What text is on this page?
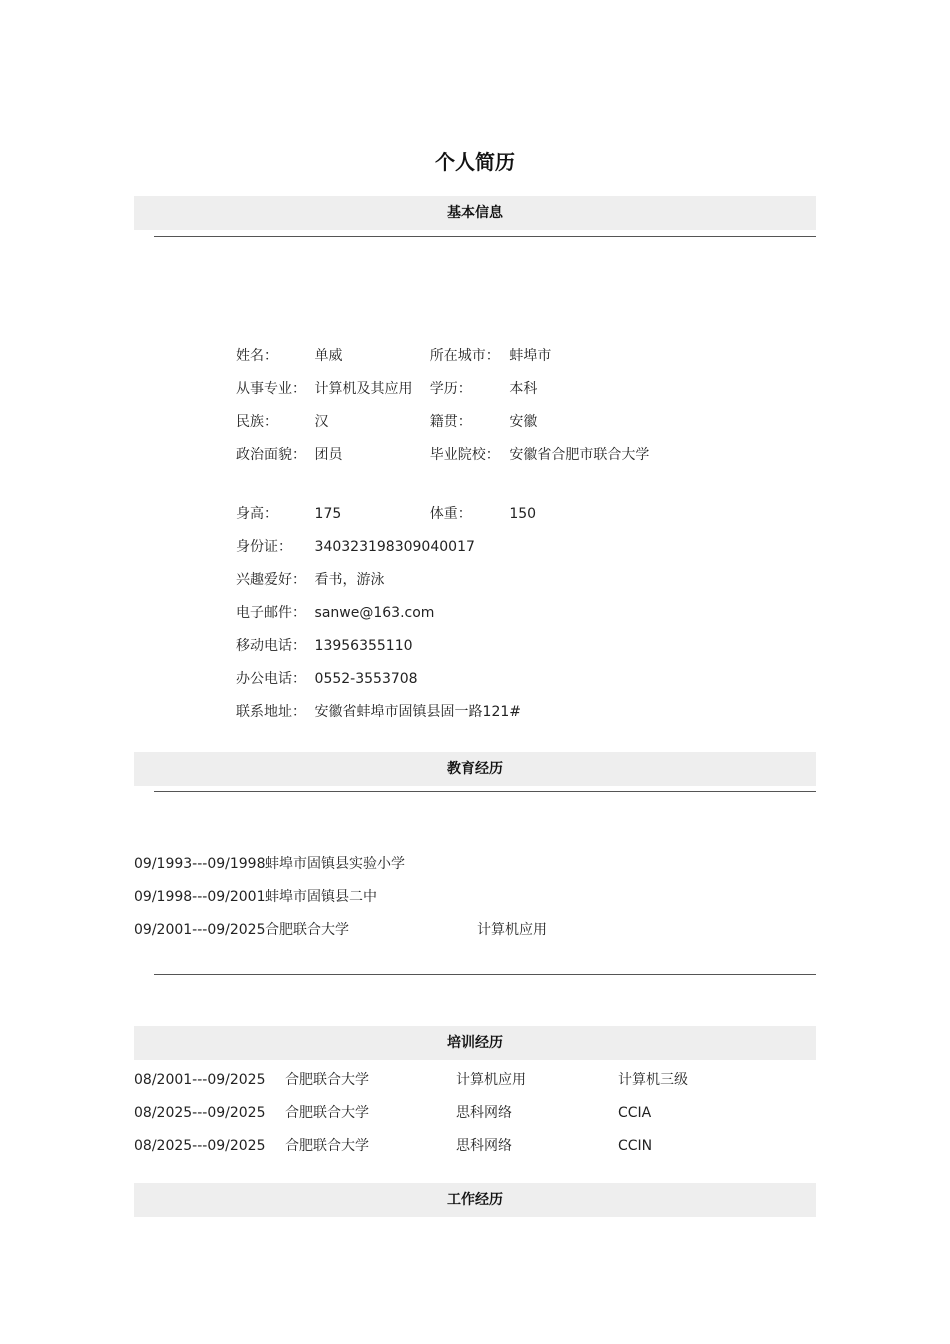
个人简历
基本信息
姓名：	单威	所在城市：	蚌埠市
从事专业：	计算机及其应用	学历：	本科
民族：	汉	籍贯：	安徽
政治面貌：	团员	毕业院校：	安徽省合肥市联合大学
身高：	175	体重：	150
身份证：	340323198309040017		
兴趣爱好：	看书，游泳		
电子邮件：	sanwe@163.com		
移动电话：	13956355110		
办公电话：	0552-3553708		
联系地址：	安徽省蚌埠市固镇县固一路121#		
教育经历
09/1993---09/1998蚌埠市固镇县实验小学
09/1998---09/2001蚌埠市固镇县二中
09/2001---09/2025合肥联合大学	计算机应用
培训经历
08/2001---09/2025 合肥联合大学	计算机应用	计算机三级
08/2025---09/2025 合肥联合大学	思科网络	CCIA
08/2025---09/2025 合肥联合大学	思科网络	CCIN
工作经历
